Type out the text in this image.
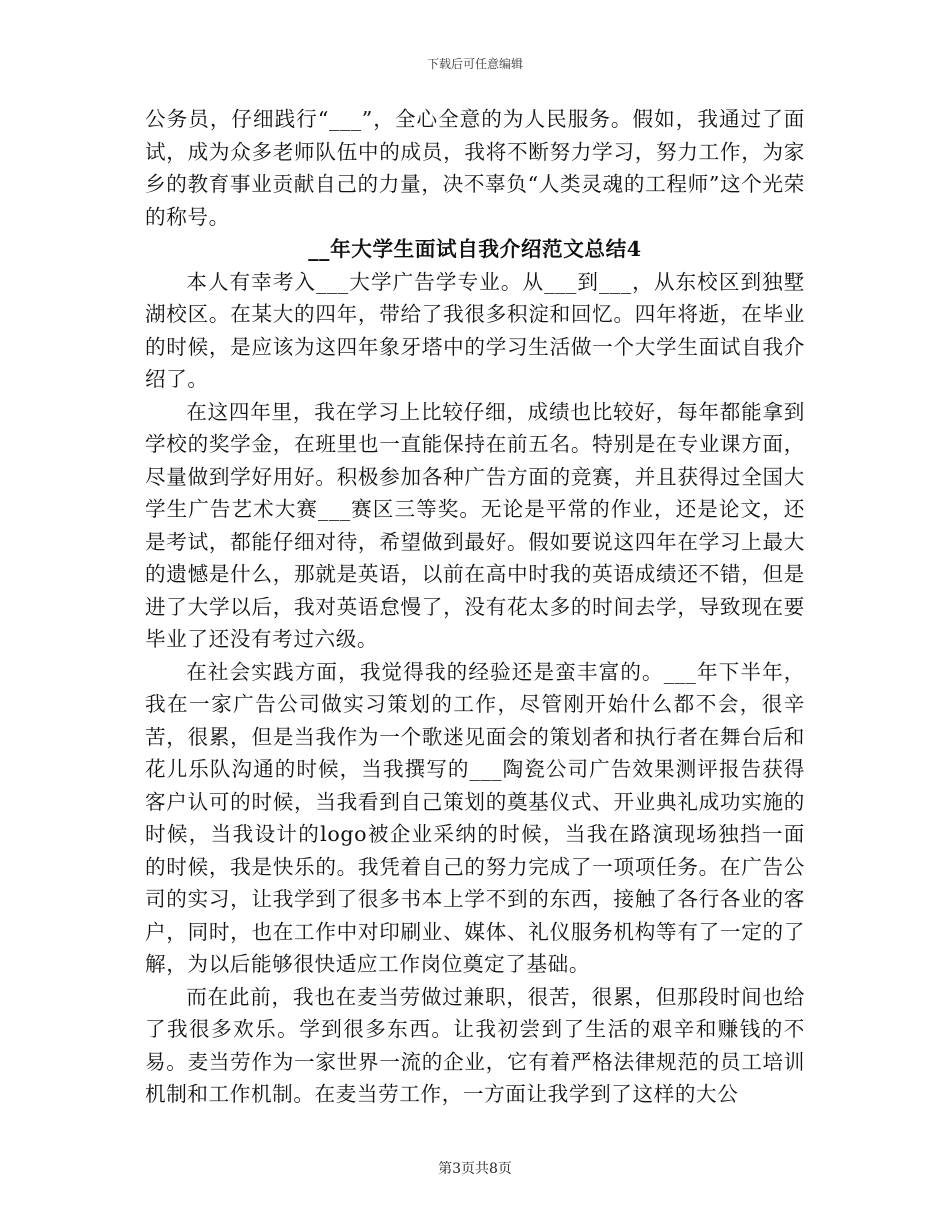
下载后可任意编辑

公务员，仔细践行“___”，全心全意的为人民服务。假如，我通过了面试，成为众多老师队伍中的成员，我将不断努力学习，努力工作，为家乡的教育事业贡献自己的力量，决不辜负“人类灵魂的工程师”这个光荣的称号。

__年大学生面试自我介绍范文总结4

本人有幸考入___大学广告学专业。从___到___，从东校区到独墅湖校区。在某大的四年，带给了我很多积淀和回忆。四年将逝，在毕业的时候，是应该为这四年象牙塔中的学习生活做一个大学生面试自我介绍了。

在这四年里，我在学习上比较仔细，成绩也比较好，每年都能拿到学校的奖学金，在班里也一直能保持在前五名。特别是在专业课方面，尽量做到学好用好。积极参加各种广告方面的竞赛，并且获得过全国大学生广告艺术大赛___赛区三等奖。无论是平常的作业，还是论文，还是考试，都能仔细对待，希望做到最好。假如要说这四年在学习上最大的遗憾是什么，那就是英语，以前在高中时我的英语成绩还不错，但是进了大学以后，我对英语怠慢了，没有花太多的时间去学，导致现在要毕业了还没有考过六级。

在社会实践方面，我觉得我的经验还是蛮丰富的。___年下半年，我在一家广告公司做实习策划的工作，尽管刚开始什么都不会，很辛苦，很累，但是当我作为一个歌迷见面会的策划者和执行者在舞台后和花儿乐队沟通的时候，当我撰写的___陶瓷公司广告效果测评报告获得客户认可的时候，当我看到自己策划的奠基仪式、开业典礼成功实施的时候，当我设计的logo被企业采纳的时候，当我在路演现场独挡一面的时候，我是快乐的。我凭着自己的努力完成了一项项任务。在广告公司的实习，让我学到了很多书本上学不到的东西，接触了各行各业的客户，同时，也在工作中对印刷业、媒体、礼仪服务机构等有了一定的了解，为以后能够很快适应工作岗位奠定了基础。

而在此前，我也在麦当劳做过兼职，很苦，很累，但那段时间也给了我很多欢乐。学到很多东西。让我初尝到了生活的艰辛和赚钱的不易。麦当劳作为一家世界一流的企业，它有着严格法律规范的员工培训机制和工作机制。在麦当劳工作，一方面让我学到了这样的大公

第3页共8页
